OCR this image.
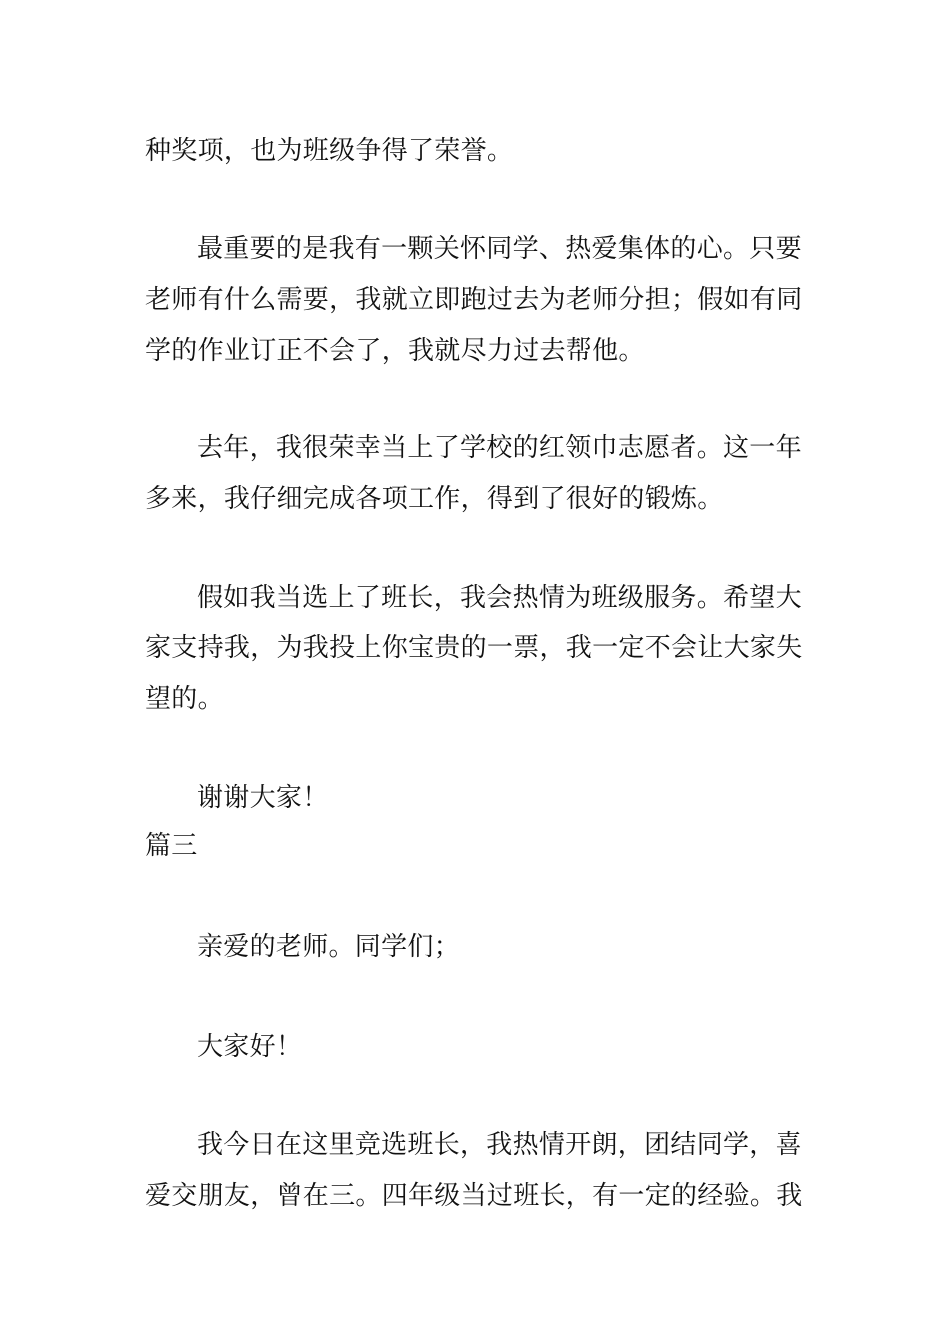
种奖项，也为班级争得了荣誉。
最重要的是我有一颗关怀同学、热爱集体的心。只要
老师有什么需要，我就立即跑过去为老师分担；假如有同
学的作业订正不会了，我就尽力过去帮他。
去年，我很荣幸当上了学校的红领巾志愿者。这一年
多来，我仔细完成各项工作，得到了很好的锻炼。
假如我当选上了班长，我会热情为班级服务。希望大
家支持我，为我投上你宝贵的一票，我一定不会让大家失
望的。
谢谢大家！
篇三
亲爱的老师。同学们；
大家好！
我今日在这里竞选班长，我热情开朗，团结同学，喜
爱交朋友，曾在三。四年级当过班长，有一定的经验。我
